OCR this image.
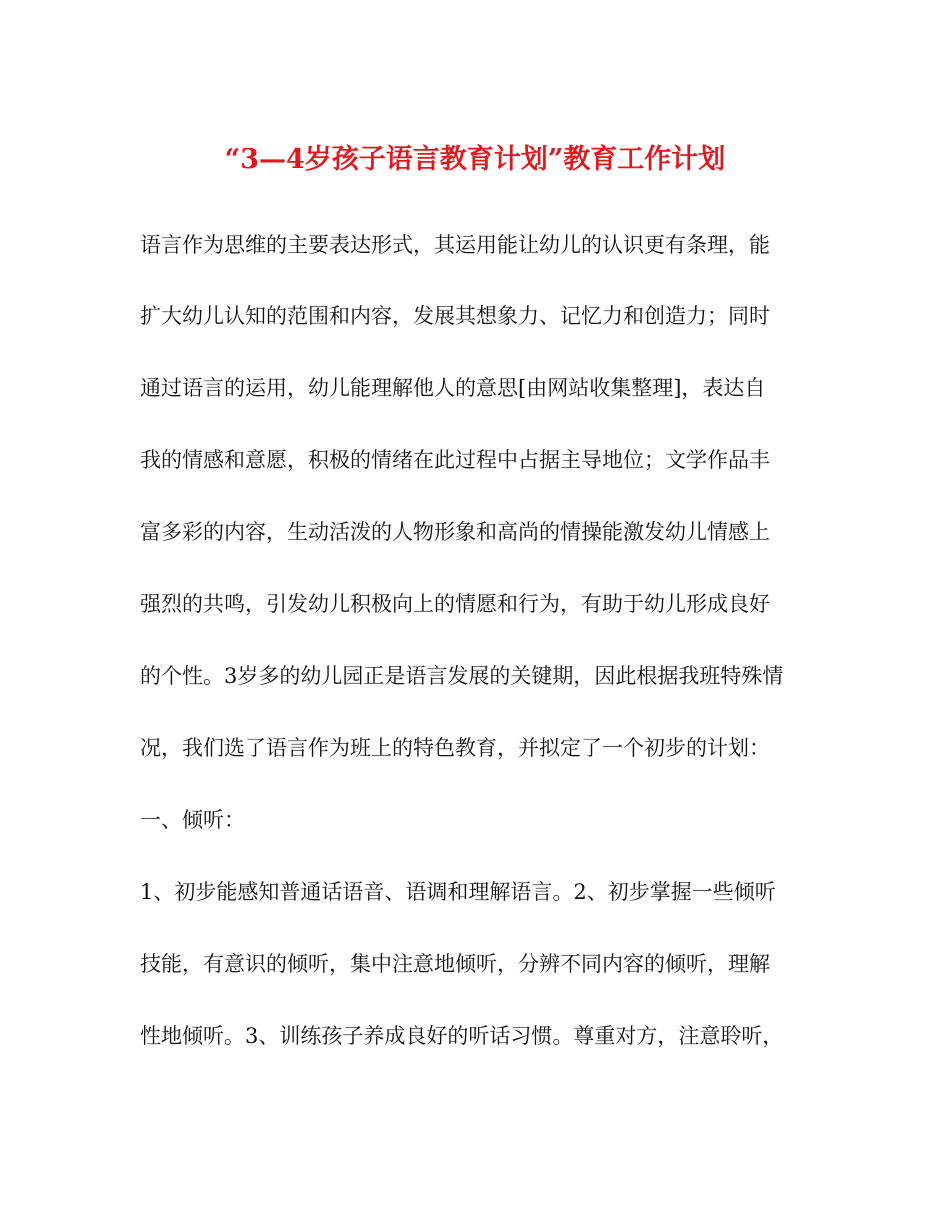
“3—4岁孩子语言教育计划”教育工作计划

语言作为思维的主要表达形式，其运用能让幼儿的认识更有条理，能

扩大幼儿认知的范围和内容，发展其想象力、记忆力和创造力；同时

通过语言的运用，幼儿能理解他人的意思[由网站收集整理]，表达自

我的情感和意愿，积极的情绪在此过程中占据主导地位；文学作品丰

富多彩的内容，生动活泼的人物形象和高尚的情操能激发幼儿情感上

强烈的共鸣，引发幼儿积极向上的情愿和行为，有助于幼儿形成良好

的个性。3岁多的幼儿园正是语言发展的关键期，因此根据我班特殊情

况，我们选了语言作为班上的特色教育，并拟定了一个初步的计划：

一、倾听：

1、初步能感知普通话语音、语调和理解语言。2、初步掌握一些倾听

技能，有意识的倾听，集中注意地倾听，分辨不同内容的倾听，理解

性地倾听。3、训练孩子养成良好的听话习惯。尊重对方，注意聆听，
